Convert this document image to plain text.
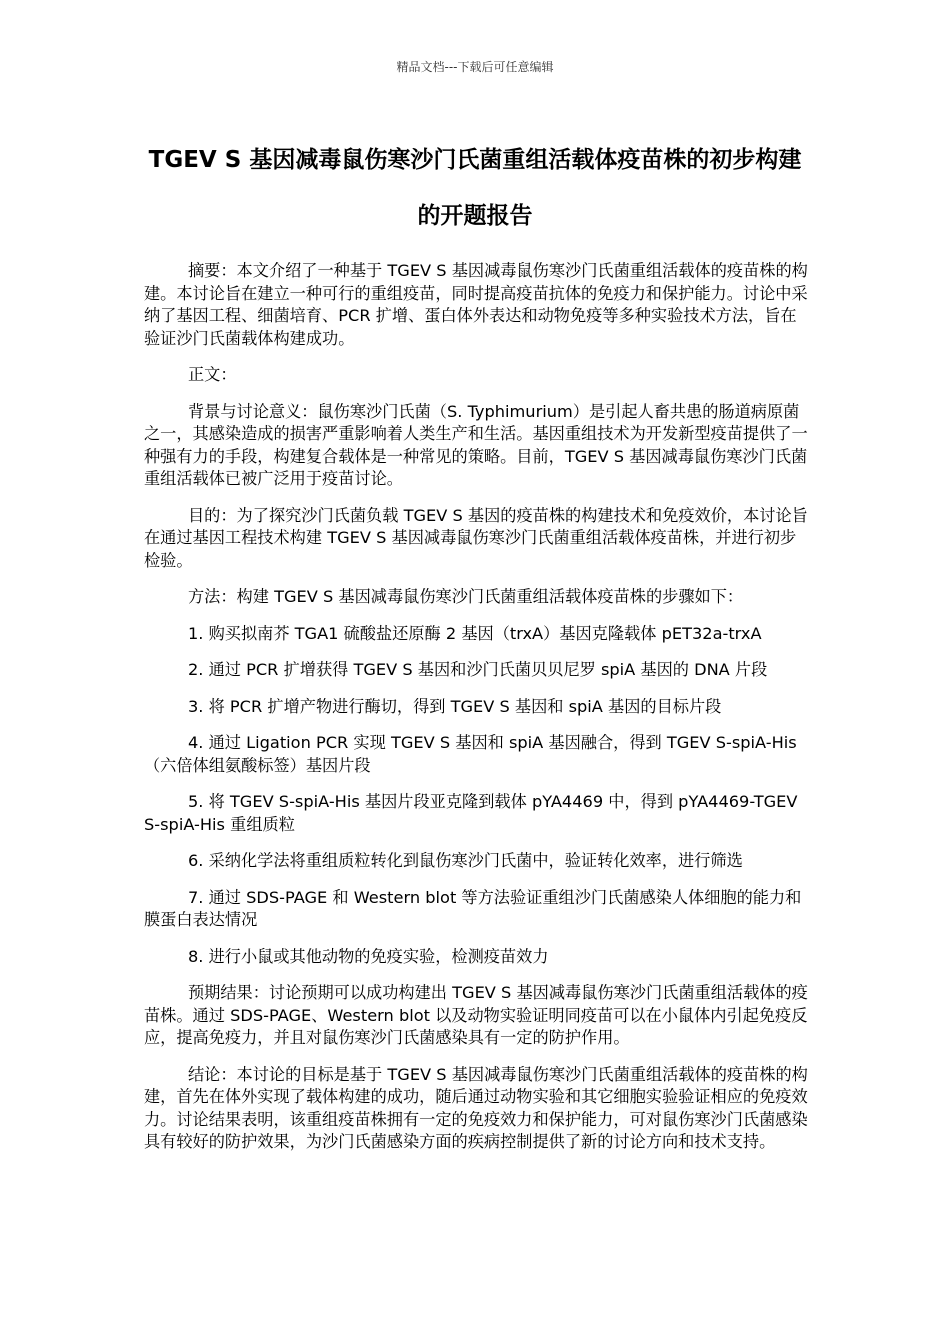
精品文档---下载后可任意编辑
TGEV S 基因减毒鼠伤寒沙门氏菌重组活载体疫苗株的初步构建的开题报告

摘要：本文介绍了一种基于 TGEV S 基因减毒鼠伤寒沙门氏菌重组活载体的疫苗株的构建。本讨论旨在建立一种可行的重组疫苗，同时提高疫苗抗体的免疫力和保护能力。讨论中采纳了基因工程、细菌培育、PCR 扩增、蛋白体外表达和动物免疫等多种实验技术方法，旨在验证沙门氏菌载体构建成功。

正文：

背景与讨论意义：鼠伤寒沙门氏菌（S. Typhimurium）是引起人畜共患的肠道病原菌之一，其感染造成的损害严重影响着人类生产和生活。基因重组技术为开发新型疫苗提供了一种强有力的手段，构建复合载体是一种常见的策略。目前，TGEV S 基因减毒鼠伤寒沙门氏菌重组活载体已被广泛用于疫苗讨论。

目的：为了探究沙门氏菌负载 TGEV S 基因的疫苗株的构建技术和免疫效价，本讨论旨在通过基因工程技术构建 TGEV S 基因减毒鼠伤寒沙门氏菌重组活载体疫苗株，并进行初步检验。

方法：构建 TGEV S 基因减毒鼠伤寒沙门氏菌重组活载体疫苗株的步骤如下：

1. 购买拟南芥 TGA1 硫酸盐还原酶 2 基因（trxA）基因克隆载体 pET32a-trxA

2. 通过 PCR 扩增获得 TGEV S 基因和沙门氏菌贝贝尼罗 spiA 基因的 DNA 片段

3. 将 PCR 扩增产物进行酶切，得到 TGEV S 基因和 spiA 基因的目标片段

4. 通过 Ligation PCR 实现 TGEV S 基因和 spiA 基因融合，得到 TGEV S-spiA-His（六倍体组氨酸标签）基因片段

5. 将 TGEV S-spiA-His 基因片段亚克隆到载体 pYA4469 中，得到 pYA4469-TGEV S-spiA-His 重组质粒

6. 采纳化学法将重组质粒转化到鼠伤寒沙门氏菌中，验证转化效率，进行筛选

7. 通过 SDS-PAGE 和 Western blot 等方法验证重组沙门氏菌感染人体细胞的能力和膜蛋白表达情况

8. 进行小鼠或其他动物的免疫实验，检测疫苗效力

预期结果：讨论预期可以成功构建出 TGEV S 基因减毒鼠伤寒沙门氏菌重组活载体的疫苗株。通过 SDS-PAGE、Western blot 以及动物实验证明同疫苗可以在小鼠体内引起免疫反应，提高免疫力，并且对鼠伤寒沙门氏菌感染具有一定的防护作用。

结论：本讨论的目标是基于 TGEV S 基因减毒鼠伤寒沙门氏菌重组活载体的疫苗株的构建，首先在体外实现了载体构建的成功，随后通过动物实验和其它细胞实验验证相应的免疫效力。讨论结果表明，该重组疫苗株拥有一定的免疫效力和保护能力，可对鼠伤寒沙门氏菌感染具有较好的防护效果，为沙门氏菌感染方面的疾病控制提供了新的讨论方向和技术支持。
